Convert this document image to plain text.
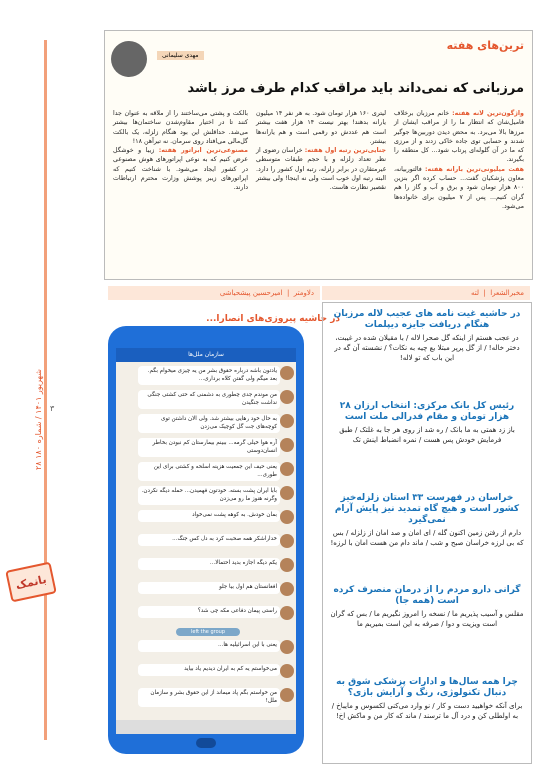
۳
۲۸ شهریور ۱۴۰۱ / شماره ۱۸۰
بانمک
ترین‌های هفته
مهدی سلیمانی
مرزبانی که نمی‌داند باید مراقب کدام طرف مرز باشد
واژگون‌ترین لانه هفته: خانم مرزبان برخلاف فامیل‌شان که انتظار ما را از مراقب ایشان از مرزها بالا می‌برد. به محض دیدن دوربین‌ها جوگیر شدند و حسابی توی جاده خاکی زدند و از مرزی که ما در آن گلوله‌ای پرتاب شود... کل منطقه را بگیرند.
هفت میلیونی‌ترین بارانه هفته: فالتوربیانه، معاون پژشکیان گفت... حساب کرده اگر بنزین ۸۰۰ هزار تومان شود و برق و آب و گاز را هم گران کنیم... پس از ۷ میلیون برای خانواده‌ها می‌شود.
لیتری ۱۶۰ هزار تومان شود. به هر نفر ۱۴ میلیون یارانه بدهند! بهتر نیست ۱۴ هزار هفت بیشتر است هم عددش دو رقمی است و هم یارانه‌ها بیشتر.
جنایی‌ترین رتبه اول هفته: خراسان رضوی از نظر تعداد زلزله و با حجم طبقات متوسطی غیرمتقارن در برابر زلزله، رتبه اول کشور را دارد. البته رتبه اول خوب است ولی نه اینجا! ولی بیشتر نقصیر نظارت هاست.
بالکت و پشتی می‌ساختند را از ملاقه به عنوان جدا کنند تا در اختیار مقاوم‌شدن ساختمان‌ها بیشتر می‌شد. حداقلش این بود هنگام زلزله، یک بالکت گل‌مالی می‌افتاد روی سرمان. نه تیرآهن ۱۸!
مصنوعی‌ترین ابراتور هفته: زیبا و خوشگل عرض کنیم که به نوعی اپراتورهای هوش مصنوعی در کشور ایجاد می‌شود. با شناخت کنیم که اپراتورهای زیبر پوشش وزارت محترم ارتباطات دارند.
دلاومتر  |  امیرحسین پیشحیاشی	مخبرالشعرا  |  لته
در حاشیه پیروزی‌های انصارا...
سازمان ملل‌ها
یادتون باشه درباره حقوق بشر من یه چیزی میخوام بگم. بعد میگم ولی گفتن کلاه برداری...
من موندم جدی چطوری به دشمنی که حتی کشتی جنگی نداشت جنگیدن
به حال خود رهایی بیشتر شد. ولی الان داشتن توی کوچه‌های جت گل کوچیک می‌زدن
آره هوا خیلی گرمه... ببینم بیمارستان کم نبودن بخاطر انسان‌دوستی
یعنی حیف این جمعیت هزینه اسلحه و کشتی برای این طوری...
بابا ایران پشت بسته. خودتون فهمیدن... حمله دیگه نکردن. وگرنه هنوز ما رو می‌زدن
بمان خودش. به کوهه پشت نمی‌خواد
خداراشکر همه صحبت کرد به دل کس جنگ...
یکم دیگه اجازه بدید احتمالا...
افغانستان هم اول بیا جلو
راستی پیمان دفاعی مکه چی شد؟
left the group
یعنی با این اسرائیلیه ها...
می‌خواستم یه کم به ایران دیدیم یاد بیاید
من خواستم بگم پاد میماند از این حقوق بشر و سازمان ملل!
در حاشیه غیت نامه های عجیب لاله مرزبان هنگام دریافت جایزه دیپلمات
در عجب هستم از اینکه گل صحرا لاله / با مقیلان شده در غیبت، دختر خاله! / از گل پرپر مبتلا بع چیه به نکات؟ / نشسته آن گه در این باب که تو لاله!
رئیس کل بانک مرکزی: انتخاب ارزان ۲۸ هزار تومان و مقام فدرالی ملت است
باز زد همتی به ما بانک / ره شد از روی هر جا به غلتک / طبق فرمایش خودش پس هست / نمره انضباط اینش تک
خراسان در فهرست ۳۳ استان زلزله‌خیز کشور است و هیچ گاه تمدید نیز پایش آرام نمی‌گیرد
دارم از رفتن زمین اکنون گله / ای امان و صد امان از زلزله / بس که بی لرزه خراسان صبح و شب / ماند دام من هست امان با لرزه!
گرانی دارو مردم را از درمان منصرف کرده است (همه جا)
مقلس و آسیب پذیریم ما / نسخه را امروز نگیریم ما / بس که گران است ویزیت و دوا / صرفه به این است بمیریم ما
چرا همه سال‌ها و ادارات پزشکی شوق به دنبال تکنولوژی، رنگ و آرایش بازی؟
برای آنکه خواهیید دست و کار / نو وارد می‌کنی لکسوس و مایباخ / به اولطلی کن و درد آل ما ترسند / ماند که کار من و ماکش اخ!
